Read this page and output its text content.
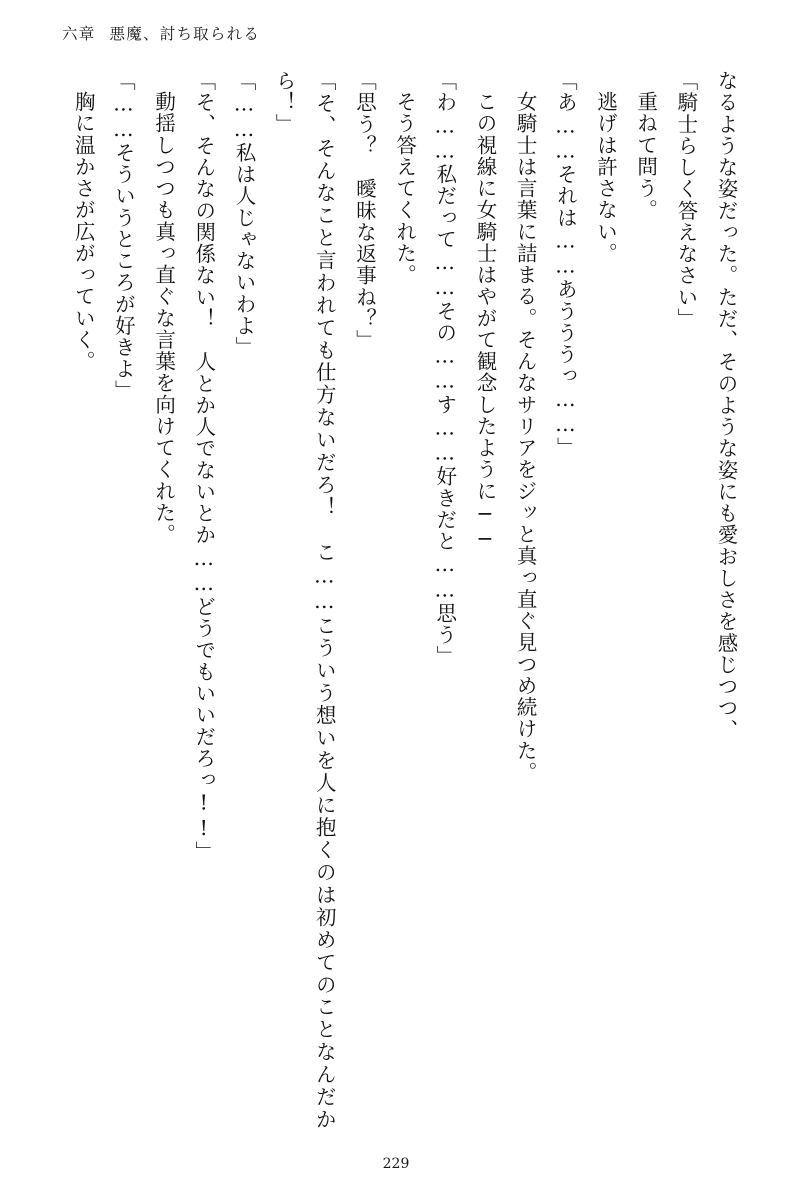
六章 悪魔、討ち取られる

なるような姿だった。ただ、そのような姿にも愛おしさを感じつつ、

「騎士らしく答えなさい」

重ねて問う。

逃げは許さない。

「あ……それは……あうううっ……」

女騎士は言葉に詰まる。そんなサリアをジッと真っ直ぐ見つめ続けた。

この視線に女騎士はやがて観念したように──

「わ……私だって……その……す……好きだと……思う」

そう答えてくれた。

「思う？　曖昧な返事ね？」

「そ、そんなこと言われても仕方ないだろ！　こ……こういう想いを人に抱くのは初めてのことなんだから！」

「……私は人じゃないわよ」

「そ、そんなの関係ない！　人とか人でないとか……どうでもいいだろっ!!」

動揺しつつも真っ直ぐな言葉を向けてくれた。

「……そういうところが好きよ」

胸に温かさが広がっていく。

229
